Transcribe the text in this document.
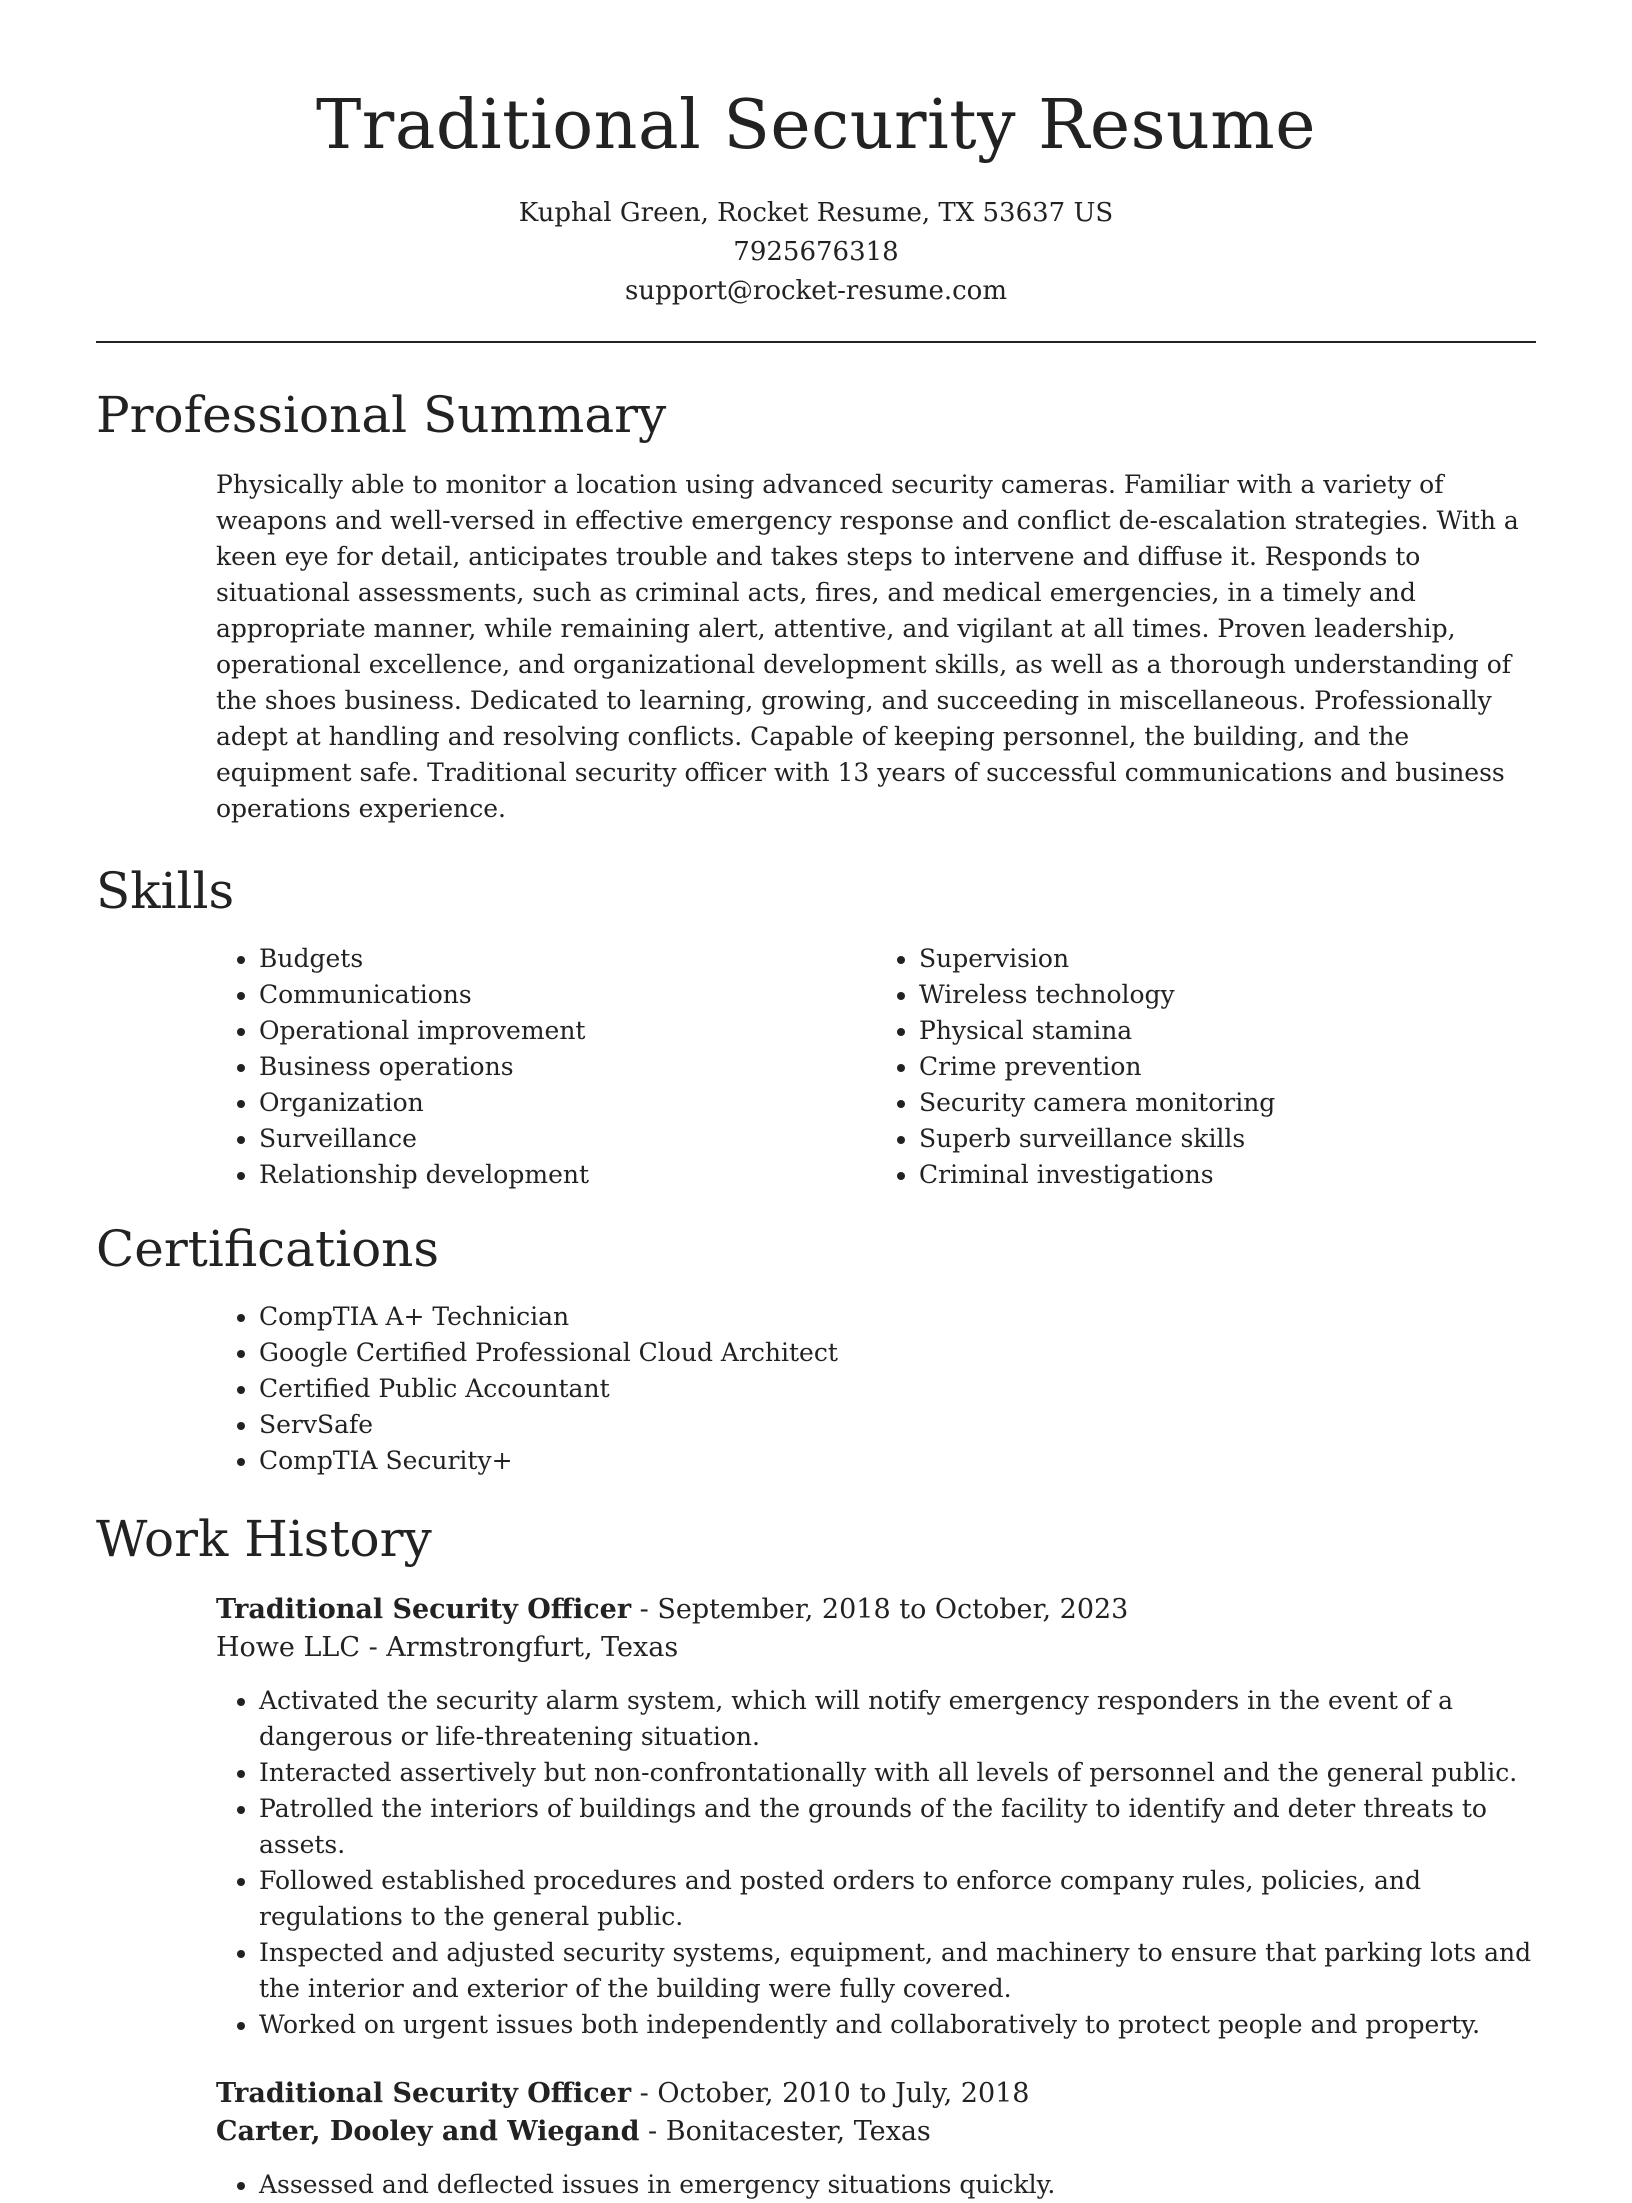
Traditional Security Resume
Kuphal Green, Rocket Resume, TX 53637 US
7925676318
support@rocket-resume.com
Professional Summary

Physically able to monitor a location using advanced security cameras. Familiar with a variety of weapons and well-versed in effective emergency response and conflict de-escalation strategies. With a keen eye for detail, anticipates trouble and takes steps to intervene and diffuse it. Responds to situational assessments, such as criminal acts, fires, and medical emergencies, in a timely and appropriate manner, while remaining alert, attentive, and vigilant at all times. Proven leadership, operational excellence, and organizational development skills, as well as a thorough understanding of the shoes business. Dedicated to learning, growing, and succeeding in miscellaneous. Professionally adept at handling and resolving conflicts. Capable of keeping personnel, the building, and the equipment safe. Traditional security officer with 13 years of successful communications and business operations experience.

Skills
• Budgets
• Communications
• Operational improvement
• Business operations
• Organization
• Surveillance
• Relationship development
• Supervision
• Wireless technology
• Physical stamina
• Crime prevention
• Security camera monitoring
• Superb surveillance skills
• Criminal investigations
Certifications
• CompTIA A+ Technician
• Google Certified Professional Cloud Architect
• Certified Public Accountant
• ServSafe
• CompTIA Security+
Work History
Traditional Security Officer - September, 2018 to October, 2023
Howe LLC - Armstrongfurt, Texas
• Activated the security alarm system, which will notify emergency responders in the event of a dangerous or life-threatening situation.
• Interacted assertively but non-confrontationally with all levels of personnel and the general public.
• Patrolled the interiors of buildings and the grounds of the facility to identify and deter threats to assets.
• Followed established procedures and posted orders to enforce company rules, policies, and regulations to the general public.
• Inspected and adjusted security systems, equipment, and machinery to ensure that parking lots and the interior and exterior of the building were fully covered.
• Worked on urgent issues both independently and collaboratively to protect people and property.
Traditional Security Officer - October, 2010 to July, 2018
Carter, Dooley and Wiegand - Bonitacester, Texas
• Assessed and deflected issues in emergency situations quickly.
